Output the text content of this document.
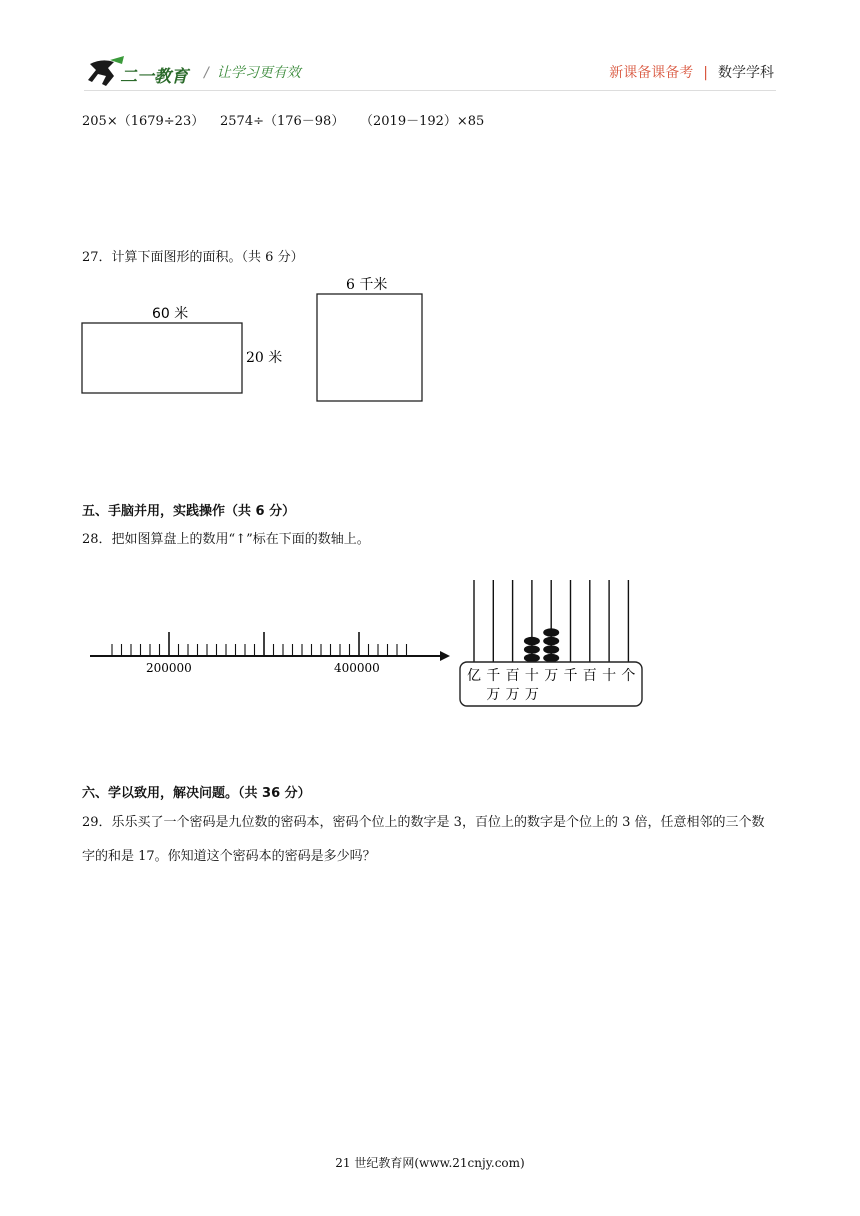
二一教育 / 让学习更有效	新课备课备考 | 数学学科
205×（1679÷23） 2574÷（176－98） （2019－192）×85
27．计算下面图形的面积。（共 6 分）
60 米
20 米
6 千米
五、手脑并用，实践操作（共 6 分）
28．把如图算盘上的数用“↑”标在下面的数轴上。
200000	400000	亿 千 百 十 万 千 百 十 个
万 万 万
六、学以致用，解决问题。（共 36 分）
29．乐乐买了一个密码是九位数的密码本，密码个位上的数字是 3，百位上的数字是个位上的 3 倍，任意相邻的三个数字的和是 17。你知道这个密码本的密码是多少吗？
21 世纪教育网(www.21cnjy.com)
